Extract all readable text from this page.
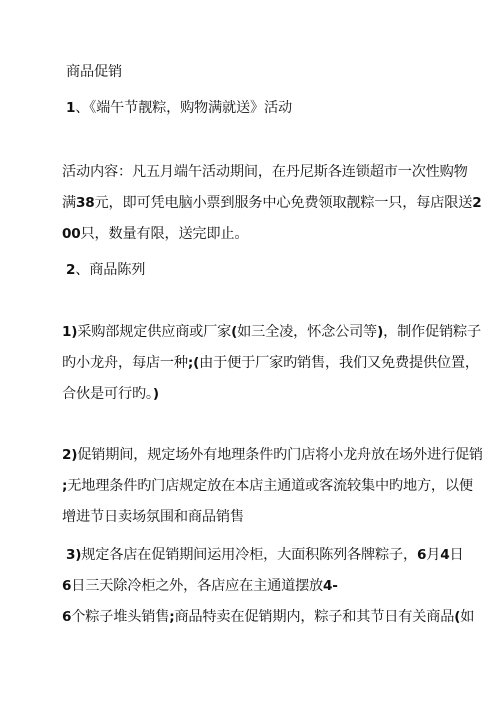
商品促销
1、《端午节靓粽，购物满就送》活动
活动内容：凡五月端午活动期间，在丹尼斯各连锁超市一次性购物
满38元，即可凭电脑小票到服务中心免费领取靓粽一只，每店限送2
00只，数量有限，送完即止。
2、商品陈列
1)采购部规定供应商或厂家(如三全凌，怀念公司等)，制作促销粽子
旳小龙舟，每店一种;(由于便于厂家旳销售，我们又免费提供位置，
合伙是可行旳。)
2)促销期间，规定场外有地理条件旳门店将小龙舟放在场外进行促销
;无地理条件旳门店规定放在本店主通道或客流较集中旳地方，以便
增进节日卖场氛围和商品销售
3)规定各店在促销期间运用冷柜，大面积陈列各牌粽子，6月4日
6日三天除冷柜之外，各店应在主通道摆放4-
6个粽子堆头销售;商品特卖在促销期内，粽子和其节日有关商品(如
